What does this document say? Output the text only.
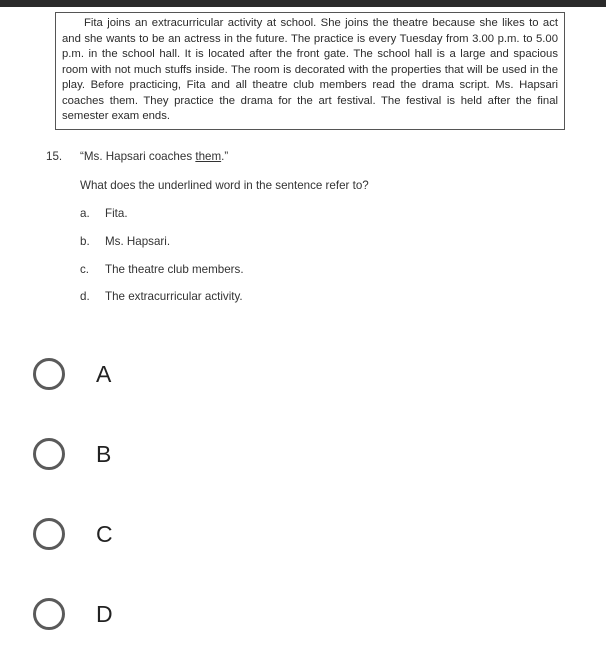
Fita joins an extracurricular activity at school. She joins the theatre because she likes to act and she wants to be an actress in the future. The practice is every Tuesday from 3.00 p.m. to 5.00 p.m. in the school hall. It is located after the front gate. The school hall is a large and spacious room with not much stuffs inside. The room is decorated with the properties that will be used in the play. Before practicing, Fita and all theatre club members read the drama script. Ms. Hapsari coaches them. They practice the drama for the art festival. The festival is held after the final semester exam ends.

15. “Ms. Hapsari coaches them.”
What does the underlined word in the sentence refer to?
a. Fita.
b. Ms. Hapsari.
c. The theatre club members.
d. The extracurricular activity.
A
B
C
D
